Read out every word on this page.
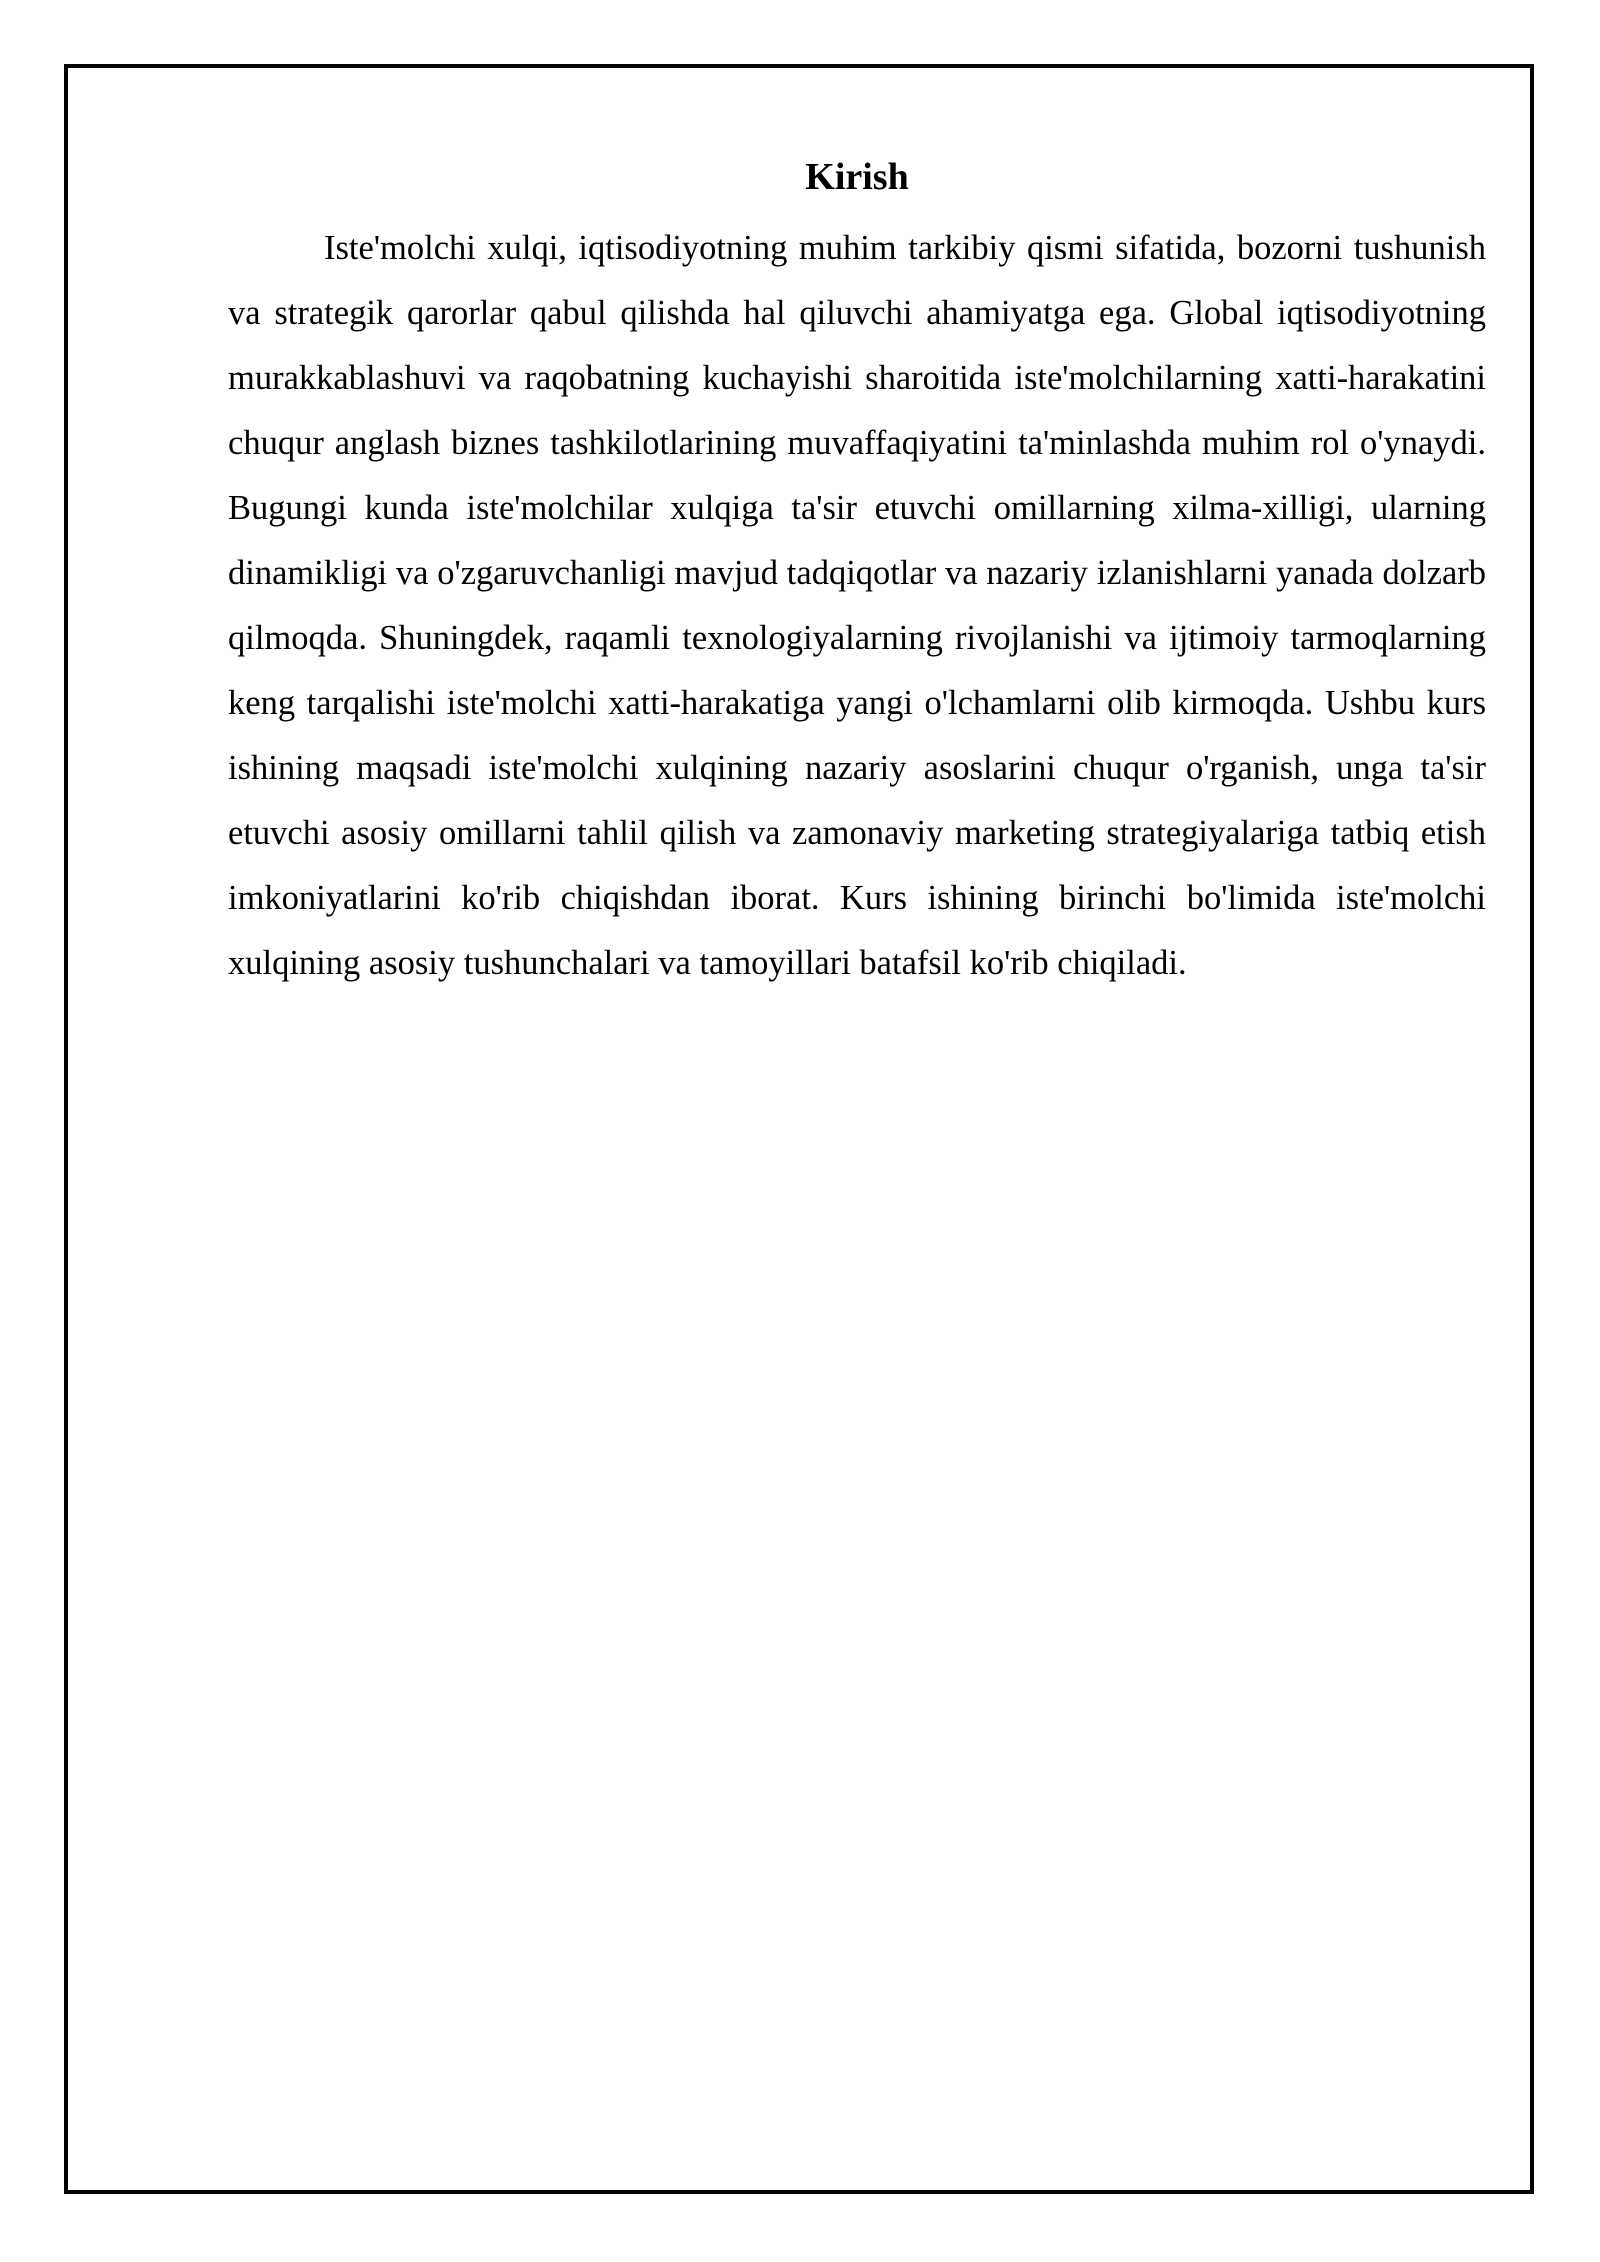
Kirish

Iste'molchi xulqi, iqtisodiyotning muhim tarkibiy qismi sifatida, bozorni tushunish va strategik qarorlar qabul qilishda hal qiluvchi ahamiyatga ega. Global iqtisodiyotning murakkablashuvi va raqobatning kuchayishi sharoitida iste'molchilarning xatti-harakatini chuqur anglash biznes tashkilotlarining muvaffaqiyatini ta'minlashda muhim rol o'ynaydi. Bugungi kunda iste'molchilar xulqiga ta'sir etuvchi omillarning xilma-xilligi, ularning dinamikligi va o'zgaruvchanligi mavjud tadqiqotlar va nazariy izlanishlarni yanada dolzarb qilmoqda. Shuningdek, raqamli texnologiyalarning rivojlanishi va ijtimoiy tarmoqlarning keng tarqalishi iste'molchi xatti-harakatiga yangi o'lchamlarni olib kirmoqda. Ushbu kurs ishining maqsadi iste'molchi xulqining nazariy asoslarini chuqur o'rganish, unga ta'sir etuvchi asosiy omillarni tahlil qilish va zamonaviy marketing strategiyalariga tatbiq etish imkoniyatlarini ko'rib chiqishdan iborat. Kurs ishining birinchi bo'limida iste'molchi xulqining asosiy tushunchalari va tamoyillari batafsil ko'rib chiqiladi.
